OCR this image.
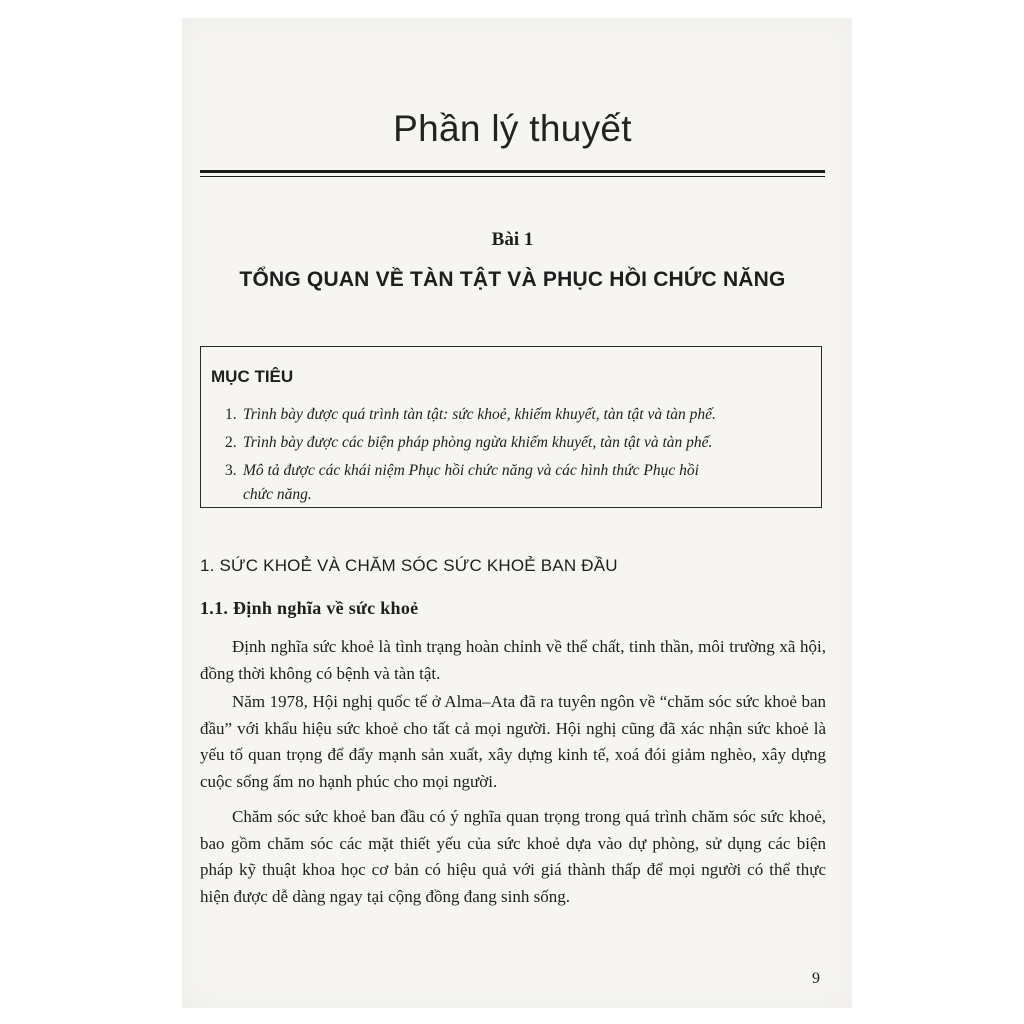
Phần lý thuyết
Bài 1
TỔNG QUAN VỀ TÀN TẬT VÀ PHỤC HỒI CHỨC NĂNG
MỤC TIÊU
1. Trình bày được quá trình tàn tật: sức khoẻ, khiếm khuyết, tàn tật và tàn phế.
2. Trình bày được các biện pháp phòng ngừa khiếm khuyết, tàn tật và tàn phế.
3. Mô tả được các khái niệm Phục hồi chức năng và các hình thức Phục hồi
chức năng.
1. SỨC KHOẺ VÀ CHĂM SÓC SỨC KHOẺ BAN ĐẦU
1.1. Định nghĩa về sức khoẻ
Định nghĩa sức khoẻ là tình trạng hoàn chỉnh về thể chất, tinh thần, môi trường xã hội, đồng thời không có bệnh và tàn tật.
Năm 1978, Hội nghị quốc tế ở Alma–Ata đã ra tuyên ngôn về “chăm sóc sức khoẻ ban đầu” với khẩu hiệu sức khoẻ cho tất cả mọi người. Hội nghị cũng đã xác nhận sức khoẻ là yếu tố quan trọng để đẩy mạnh sản xuất, xây dựng kinh tế, xoá đói giảm nghèo, xây dựng cuộc sống ấm no hạnh phúc cho mọi người.
Chăm sóc sức khoẻ ban đầu có ý nghĩa quan trọng trong quá trình chăm sóc sức khoẻ, bao gồm chăm sóc các mặt thiết yếu của sức khoẻ dựa vào dự phòng, sử dụng các biện pháp kỹ thuật khoa học cơ bản có hiệu quả với giá thành thấp để mọi người có thể thực hiện được dễ dàng ngay tại cộng đồng đang sinh sống.
9
